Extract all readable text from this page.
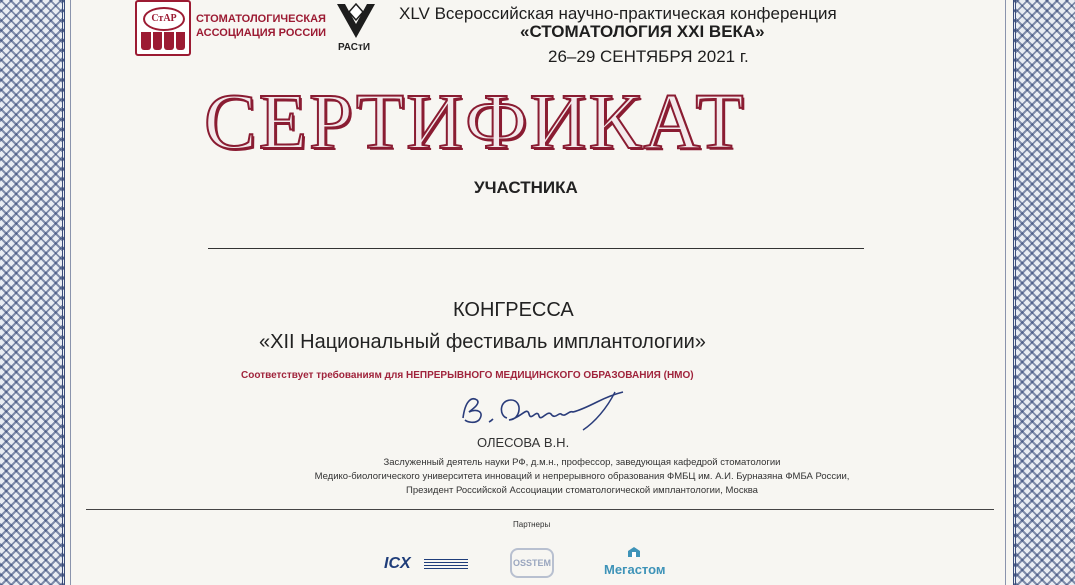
СтАР	СТОМАТОЛОГИЧЕСКАЯ
АССОЦИАЦИЯ РОССИИ
РАСтИ
XLV Всероссийская научно-практическая конференция
«СТОМАТОЛОГИЯ XXI ВЕКА»
26–29 СЕНТЯБРЯ 2021 г.
СЕРТИФИКАТ
УЧАСТНИКА
КОНГРЕССА
«XII Национальный фестиваль имплантологии»
Соответствует требованиям для НЕПРЕРЫВНОГО МЕДИЦИНСКОГО ОБРАЗОВАНИЯ (НМО)
ОЛЕСОВА В.Н.
Заслуженный деятель науки РФ, д.м.н., профессор, заведующая кафедрой стоматологии
Медико-биологического университета инноваций и непрерывного образования ФМБЦ им. А.И. Бурназяна ФМБА России,
Президент Российской Ассоциации стоматологической имплантологии, Москва
Партнеры
ICX	OSSTEM	Мегастом
